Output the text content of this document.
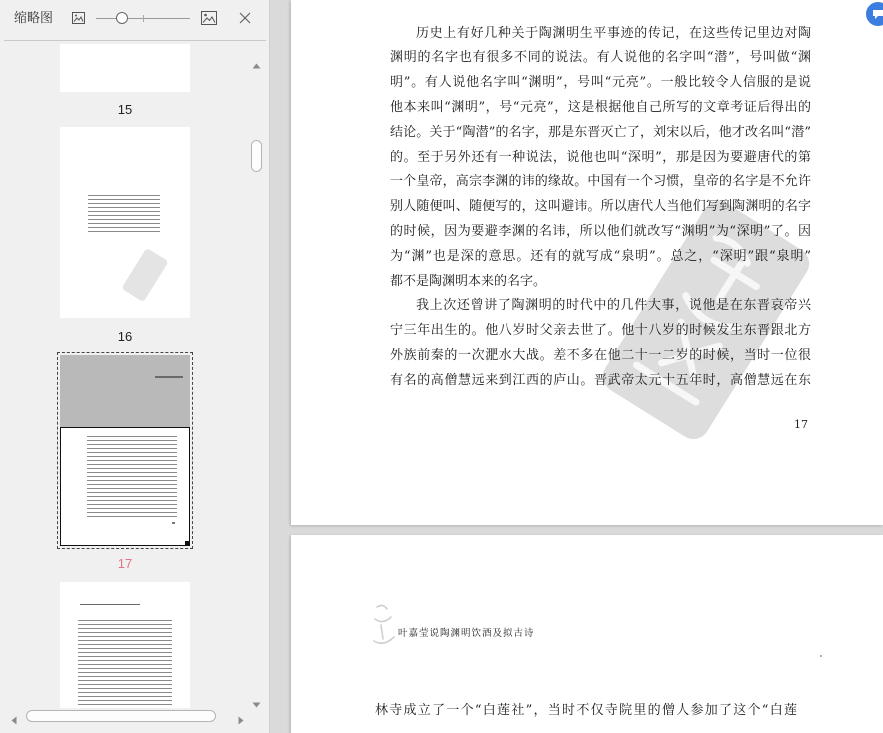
缩略图
15
16
17
历史上有好几种关于陶渊明生平事迹的传记，在这些传记里边对陶
渊明的名字也有很多不同的说法。有人说他的名字叫“潜”，号叫做“渊
明”。有人说他名字叫“渊明”，号叫“元亮”。一般比较令人信服的是说
他本来叫“渊明”，号“元亮”，这是根据他自己所写的文章考证后得出的
结论。关于“陶潜”的名字，那是东晋灭亡了，刘宋以后，他才改名叫“潜”
的。至于另外还有一种说法，说他也叫“深明”，那是因为要避唐代的第
一个皇帝，高宗李渊的讳的缘故。中国有一个习惯，皇帝的名字是不允许
别人随便叫、随便写的，这叫避讳。所以唐代人当他们写到陶渊明的名字
的时候，因为要避李渊的名讳，所以他们就改写“渊明”为“深明”了。因
为“渊”也是深的意思。还有的就写成“泉明”。总之，“深明”跟“泉明”
都不是陶渊明本来的名字。
我上次还曾讲了陶渊明的时代中的几件大事，说他是在东晋哀帝兴
宁三年出生的。他八岁时父亲去世了。他十八岁的时候发生东晋跟北方
外族前秦的一次淝水大战。差不多在他二十一二岁的时候，当时一位很
有名的高僧慧远来到江西的庐山。晋武帝太元十五年时，高僧慧远在东
17
叶嘉莹说陶渊明饮酒及拟古诗
林寺成立了一个“白莲社”，当时不仅寺院里的僧人参加了这个“白莲
